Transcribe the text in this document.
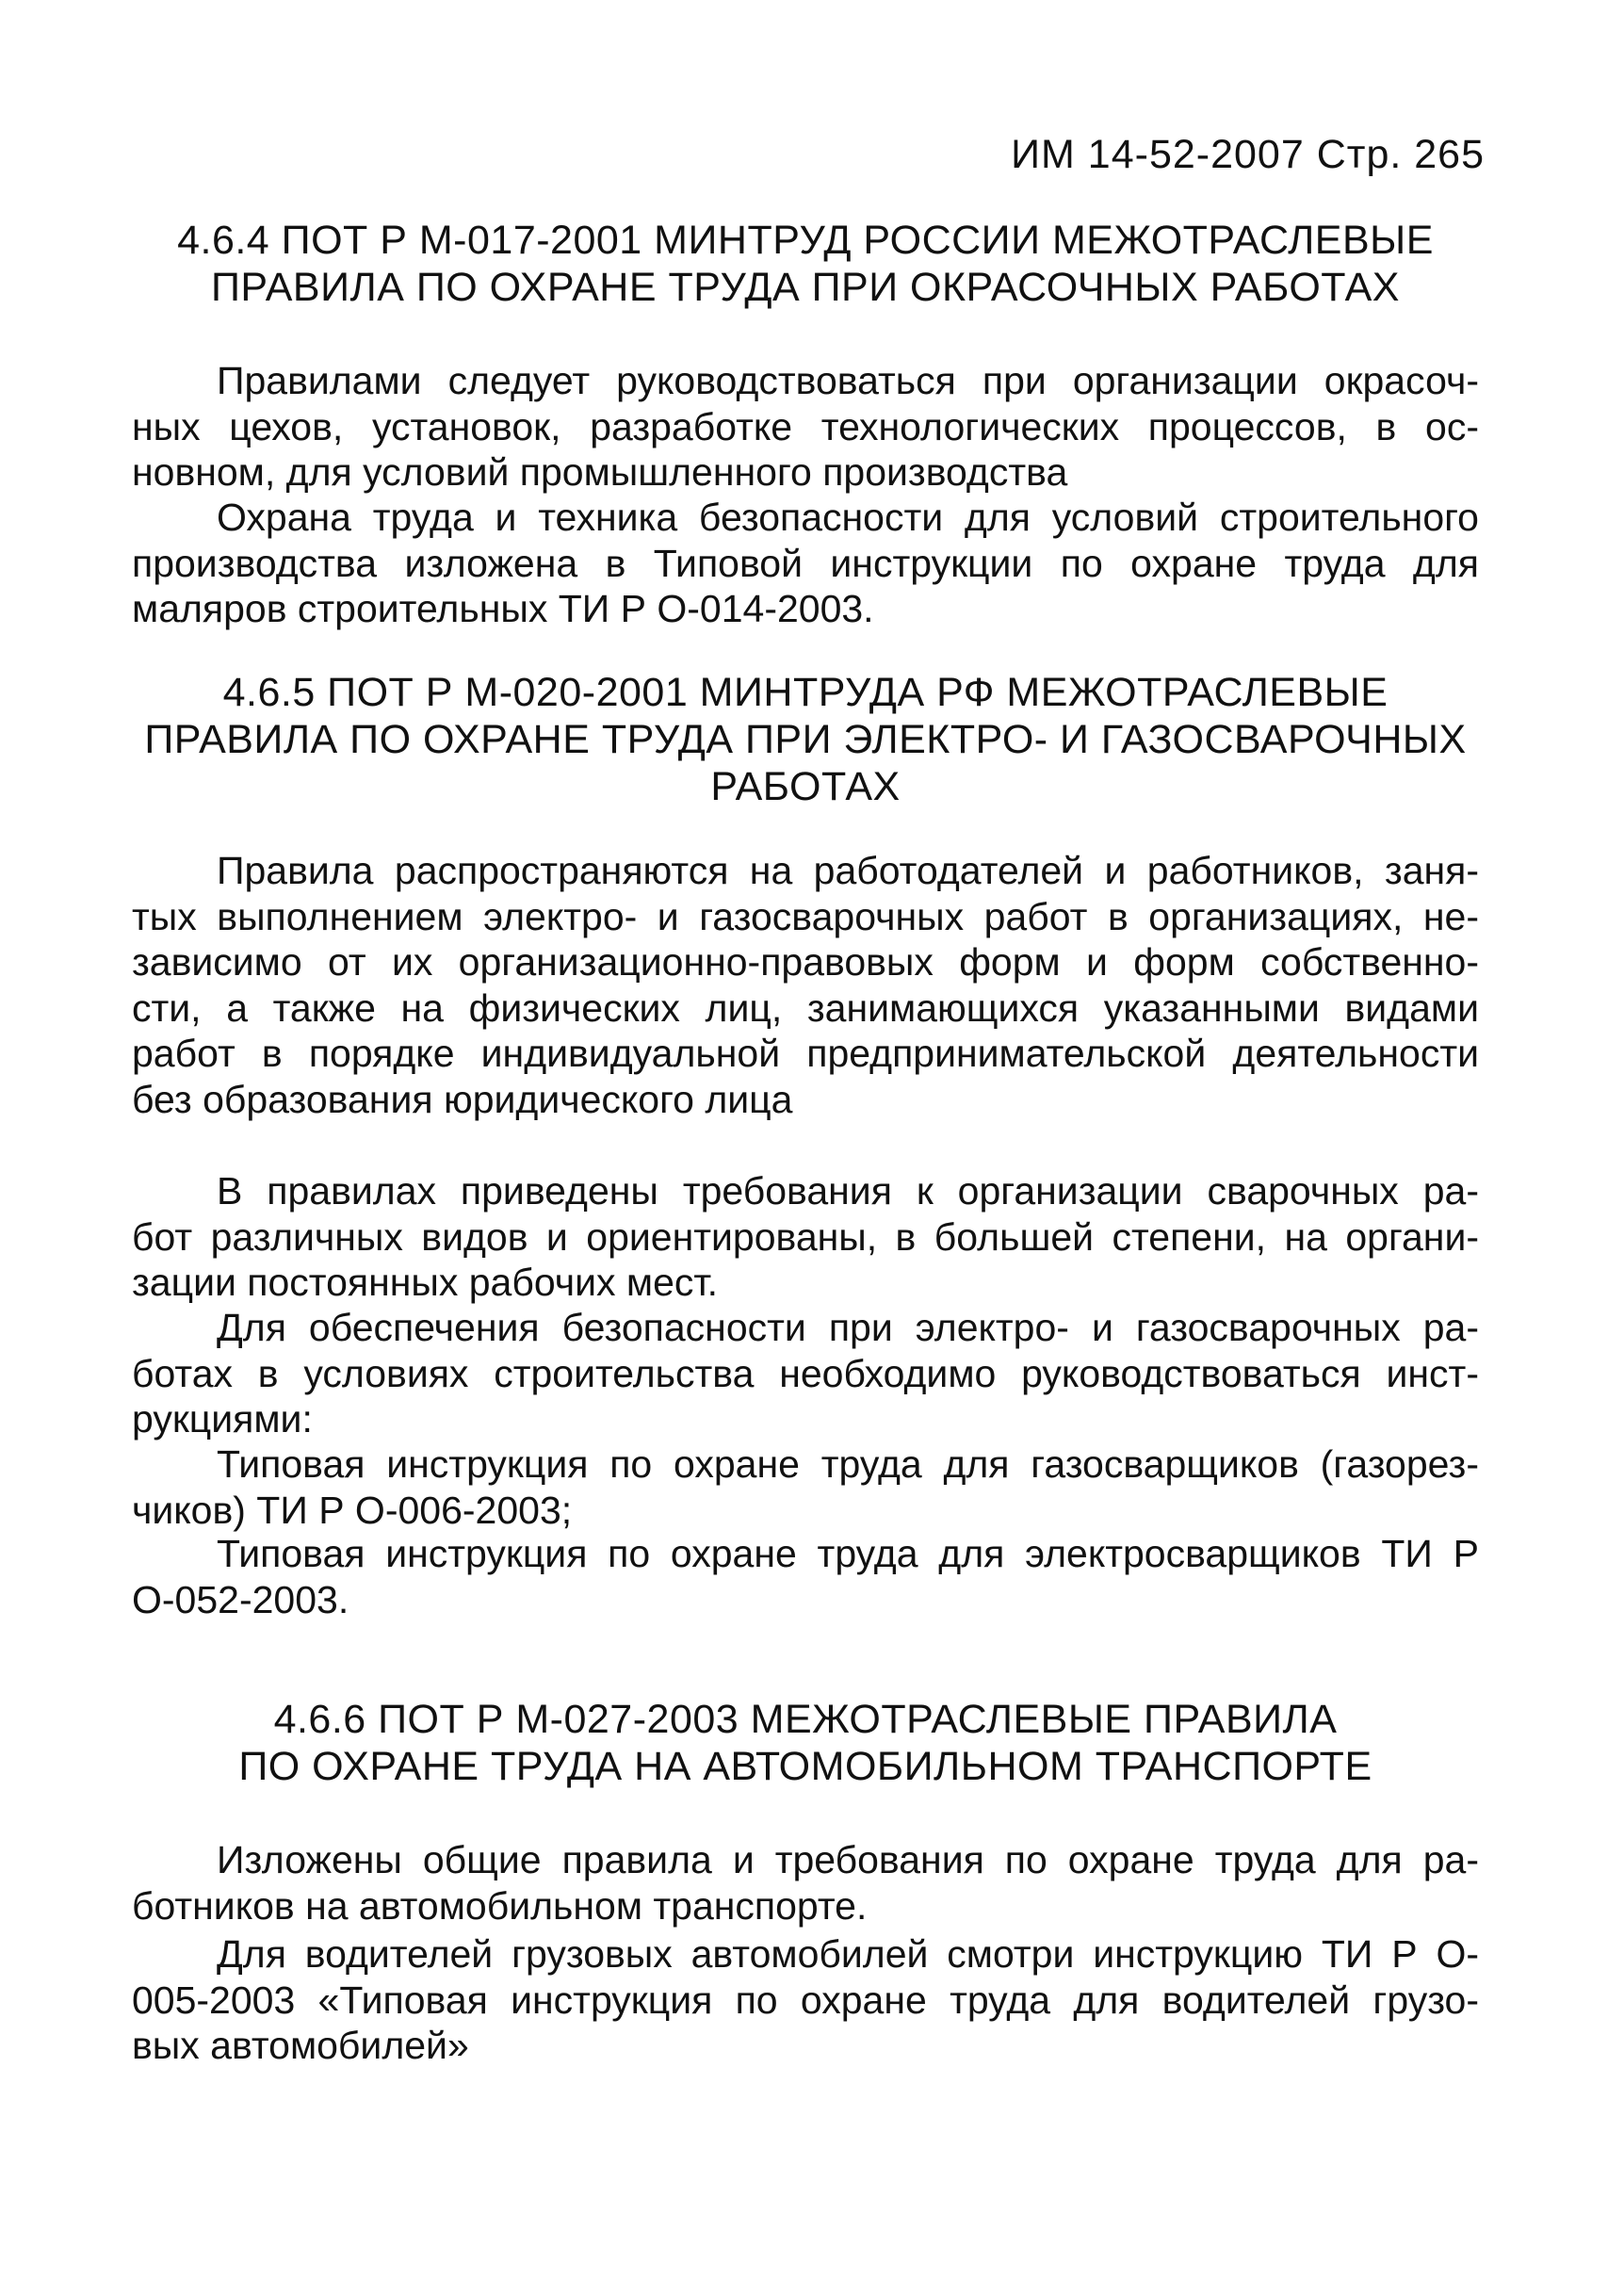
ИМ 14-52-2007 Стр. 265
4.6.4 ПОТ Р М-017-2001 МИНТРУД РОССИИ МЕЖОТРАСЛЕВЫЕ
ПРАВИЛА ПО ОХРАНЕ ТРУДА ПРИ ОКРАСОЧНЫХ РАБОТАХ
Правилами следует руководствоваться при организации окрасоч-
ных цехов, установок, разработке технологических процессов, в ос-
новном, для условий промышленного производства
Охрана труда и техника безопасности для условий строительного
производства изложена в Типовой инструкции по охране труда для
маляров строительных ТИ Р О-014-2003.
4.6.5 ПОТ Р М-020-2001 МИНТРУДА РФ МЕЖОТРАСЛЕВЫЕ
ПРАВИЛА ПО ОХРАНЕ ТРУДА ПРИ ЭЛЕКТРО- И ГАЗОСВАРОЧНЫХ
РАБОТАХ
Правила распространяются на работодателей и работников, заня-
тых выполнением электро- и газосварочных работ в организациях, не-
зависимо от их организационно-правовых форм и форм собственно-
сти, а также на физических лиц, занимающихся указанными видами
работ в порядке индивидуальной предпринимательской деятельности
без образования юридического лица
В правилах приведены требования к организации сварочных ра-
бот различных видов и ориентированы, в большей степени, на органи-
зации постоянных рабочих мест.
Для обеспечения безопасности при электро- и газосварочных ра-
ботах в условиях строительства необходимо руководствоваться инст-
рукциями:
Типовая инструкция по охране труда для газосварщиков (газорез-
чиков) ТИ Р О-006-2003;
Типовая инструкция по охране труда для электросварщиков ТИ Р
О-052-2003.
4.6.6 ПОТ Р М-027-2003 МЕЖОТРАСЛЕВЫЕ ПРАВИЛА
ПО ОХРАНЕ ТРУДА НА АВТОМОБИЛЬНОМ ТРАНСПОРТЕ
Изложены общие правила и требования по охране труда для ра-
ботников на автомобильном транспорте.
Для водителей грузовых автомобилей смотри инструкцию ТИ Р О-
005-2003 «Типовая инструкция по охране труда для водителей грузо-
вых автомобилей»
